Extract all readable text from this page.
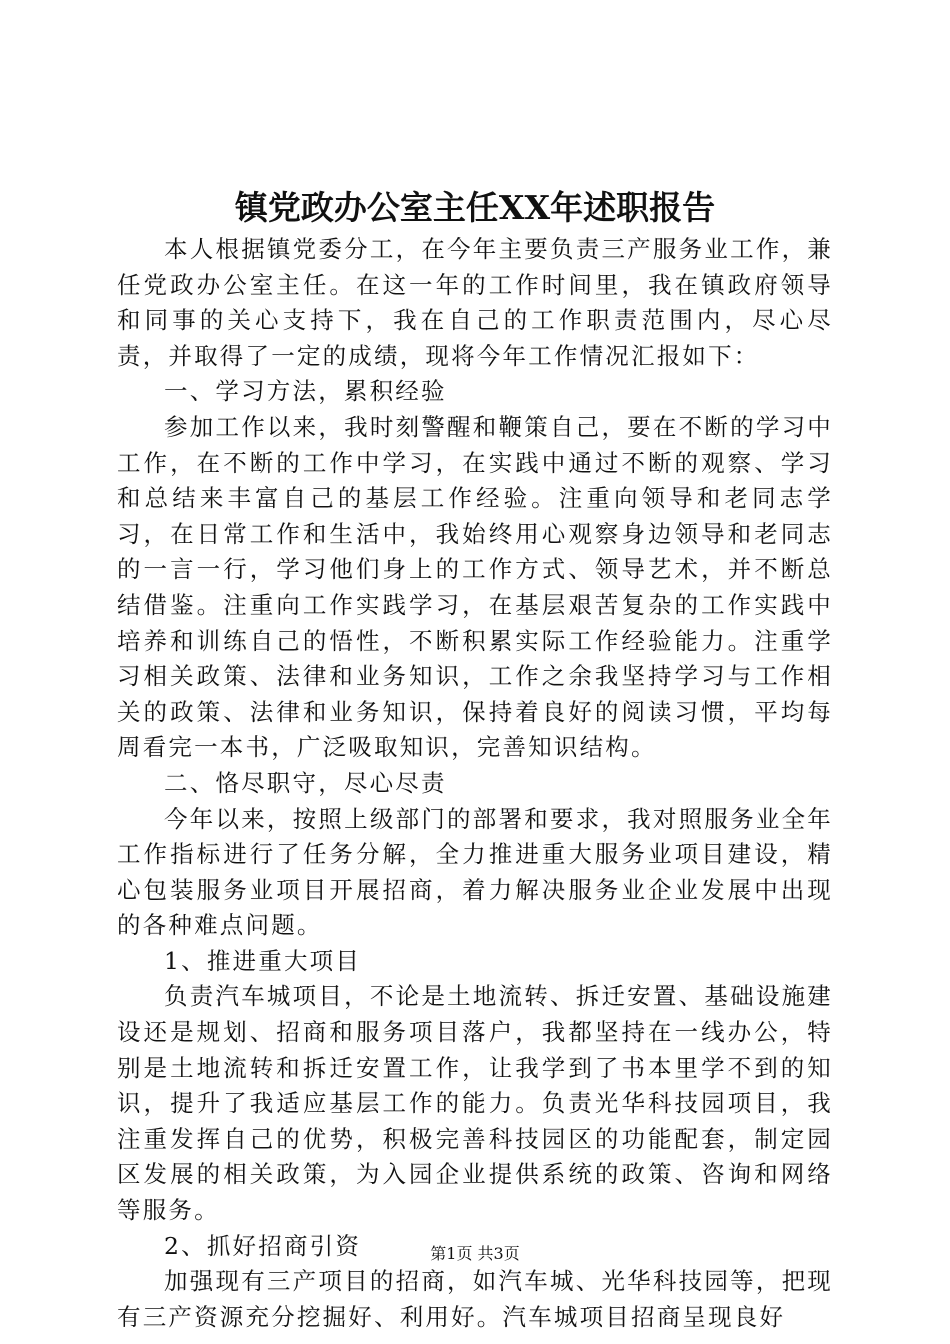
镇党政办公室主任XX年述职报告

本人根据镇党委分工，在今年主要负责三产服务业工作，兼任党政办公室主任。在这一年的工作时间里，我在镇政府领导和同事的关心支持下，我在自己的工作职责范围内，尽心尽责，并取得了一定的成绩，现将今年工作情况汇报如下：

一、学习方法，累积经验

参加工作以来，我时刻警醒和鞭策自己，要在不断的学习中工作，在不断的工作中学习，在实践中通过不断的观察、学习和总结来丰富自己的基层工作经验。注重向领导和老同志学习，在日常工作和生活中，我始终用心观察身边领导和老同志的一言一行，学习他们身上的工作方式、领导艺术，并不断总结借鉴。注重向工作实践学习，在基层艰苦复杂的工作实践中培养和训练自己的悟性，不断积累实际工作经验能力。注重学习相关政策、法律和业务知识，工作之余我坚持学习与工作相关的政策、法律和业务知识，保持着良好的阅读习惯，平均每周看完一本书，广泛吸取知识，完善知识结构。

二、恪尽职守，尽心尽责

今年以来，按照上级部门的部署和要求，我对照服务业全年工作指标进行了任务分解，全力推进重大服务业项目建设，精心包装服务业项目开展招商，着力解决服务业企业发展中出现的各种难点问题。

1、推进重大项目

负责汽车城项目，不论是土地流转、拆迁安置、基础设施建设还是规划、招商和服务项目落户，我都坚持在一线办公，特别是土地流转和拆迁安置工作，让我学到了书本里学不到的知识，提升了我适应基层工作的能力。负责光华科技园项目，我注重发挥自己的优势，积极完善科技园区的功能配套，制定园区发展的相关政策，为入园企业提供系统的政策、咨询和网络等服务。

2、抓好招商引资

加强现有三产项目的招商，如汽车城、光华科技园等，把现有三产资源充分挖掘好、利用好。汽车城项目招商呈现良好

第1页 共3页
